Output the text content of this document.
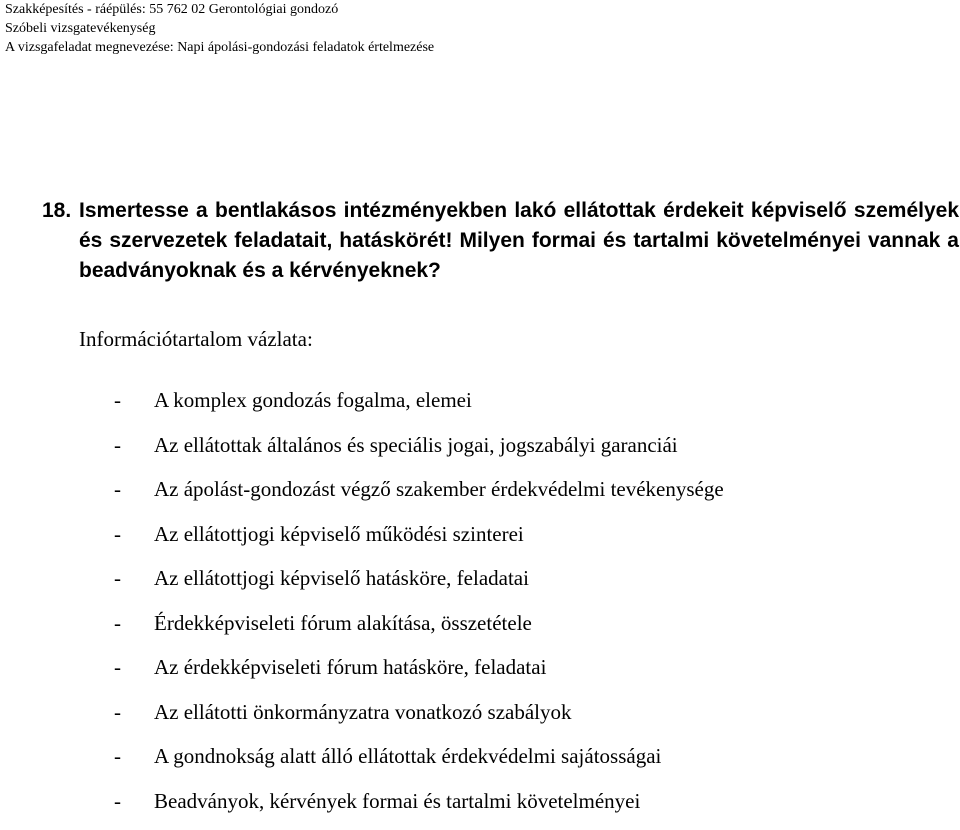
Szakképesítés - ráépülés: 55 762 02 Gerontológiai gondozó
Szóbeli vizsgatevékenység
A vizsgafeladat megnevezése: Napi ápolási-gondozási feladatok értelmezése
18. Ismertesse a bentlakásos intézményekben lakó ellátottak érdekeit képviselő személyek és szervezetek feladatait, hatáskörét! Milyen formai és tartalmi követelményei vannak a beadványoknak és a kérvényeknek?
Információtartalom vázlata:
- A komplex gondozás fogalma, elemei
- Az ellátottak általános és speciális jogai, jogszabályi garanciái
- Az ápolást-gondozást végző szakember érdekvédelmi tevékenysége
- Az ellátottjogi képviselő működési szinterei
- Az ellátottjogi képviselő hatásköre, feladatai
- Érdekképviseleti fórum alakítása, összetétele
- Az érdekképviseleti fórum hatásköre, feladatai
- Az ellátotti önkormányzatra vonatkozó szabályok
- A gondnokság alatt álló ellátottak érdekvédelmi sajátosságai
- Beadványok, kérvények formai és tartalmi követelményei
